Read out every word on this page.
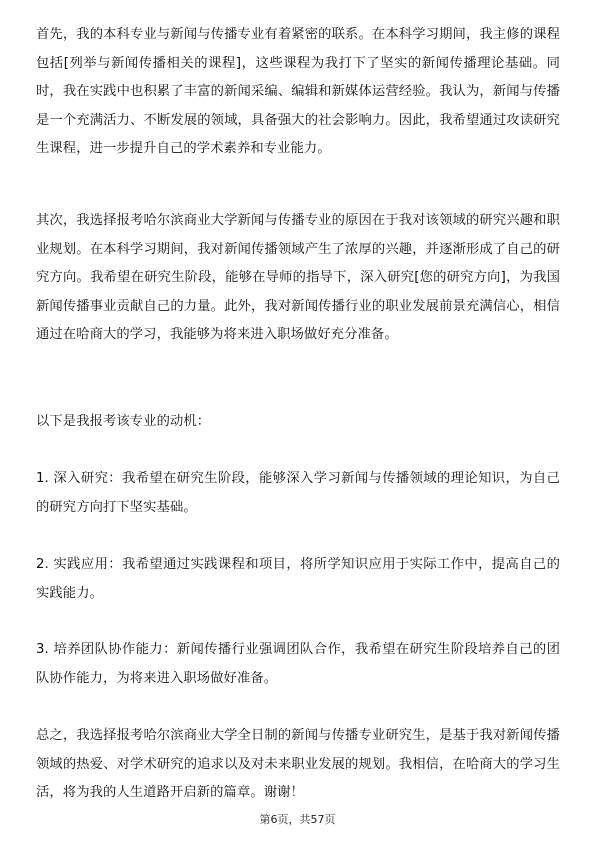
首先，我的本科专业与新闻与传播专业有着紧密的联系。在本科学习期间，我主修的课程包括[列举与新闻传播相关的课程]，这些课程为我打下了坚实的新闻传播理论基础。同时，我在实践中也积累了丰富的新闻采编、编辑和新媒体运营经验。我认为，新闻与传播是一个充满活力、不断发展的领域，具备强大的社会影响力。因此，我希望通过攻读研究生课程，进一步提升自己的学术素养和专业能力。

其次，我选择报考哈尔滨商业大学新闻与传播专业的原因在于我对该领域的研究兴趣和职业规划。在本科学习期间，我对新闻传播领域产生了浓厚的兴趣，并逐渐形成了自己的研究方向。我希望在研究生阶段，能够在导师的指导下，深入研究[您的研究方向]，为我国新闻传播事业贡献自己的力量。此外，我对新闻传播行业的职业发展前景充满信心，相信通过在哈商大的学习，我能够为将来进入职场做好充分准备。

以下是我报考该专业的动机：

1. 深入研究：我希望在研究生阶段，能够深入学习新闻与传播领域的理论知识，为自己的研究方向打下坚实基础。

2. 实践应用：我希望通过实践课程和项目，将所学知识应用于实际工作中，提高自己的实践能力。

3. 培养团队协作能力：新闻传播行业强调团队合作，我希望在研究生阶段培养自己的团队协作能力，为将来进入职场做好准备。

总之，我选择报考哈尔滨商业大学全日制的新闻与传播专业研究生，是基于我对新闻传播领域的热爱、对学术研究的追求以及对未来职业发展的规划。我相信，在哈商大的学习生活，将为我的人生道路开启新的篇章。谢谢！

第6页，共57页
